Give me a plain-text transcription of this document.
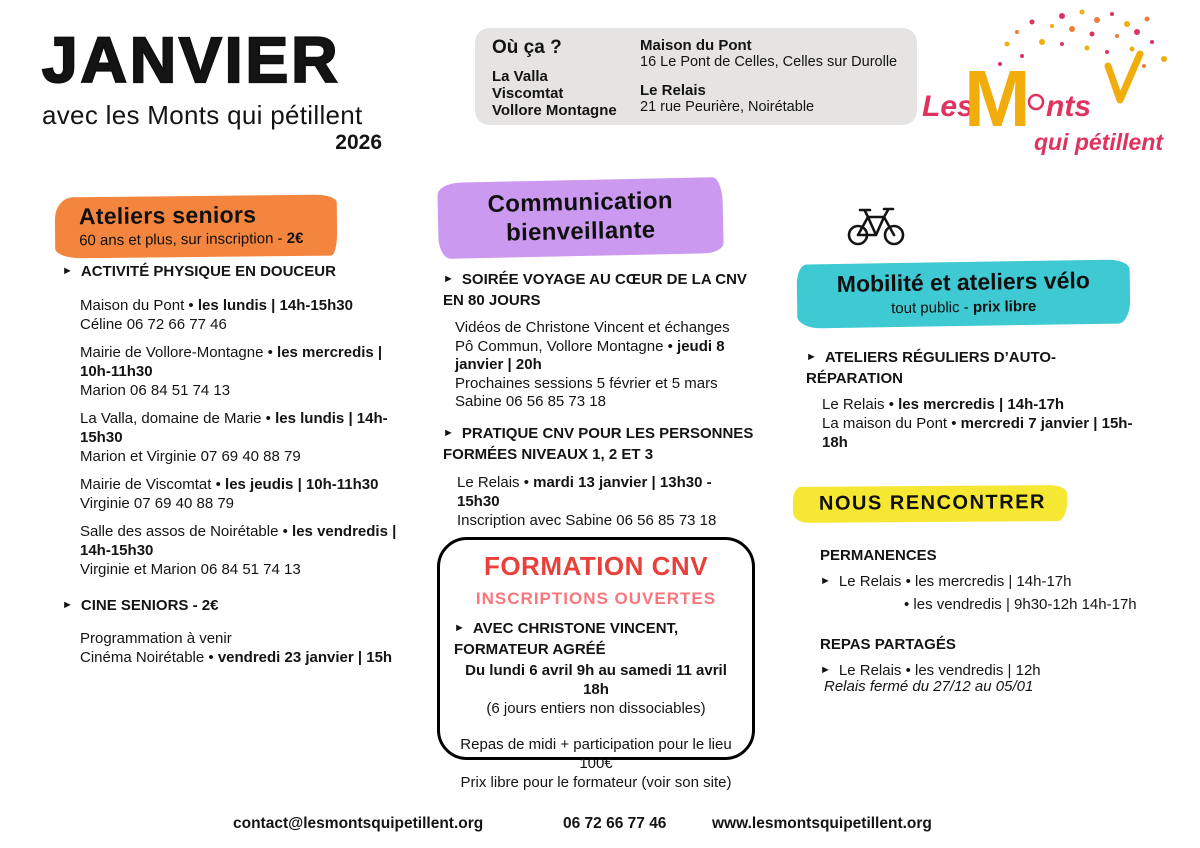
JANVIER
avec les Monts qui pétillent
2026
Où ça ?
La Valla
Viscomtat
Vollore Montagne
Maison du Pont
16 Le Pont de Celles, Celles sur Durolle
Le Relais
21 rue Peurière, Noirétable	Les
M nts
qui pétillent
Ateliers seniors

60 ans et plus, sur inscription - 2€

► ACTIVITÉ PHYSIQUE EN DOUCEUR

Maison du Pont • les lundis | 14h-15h30

Céline 06 72 66 77 46

Mairie de Vollore-Montagne • les mercredis | 10h-11h30

Marion 06 84 51 74 13

La Valla, domaine de Marie • les lundis | 14h-15h30

Marion et Virginie 07 69 40 88 79

Mairie de Viscomtat • les jeudis | 10h-11h30

Virginie 07 69 40 88 79

Salle des assos de Noirétable • les vendredis | 14h-15h30

Virginie et Marion 06 84 51 74 13

► CINE SENIORS - 2€

Programmation à venir

Cinéma Noirétable • vendredi 23 janvier | 15h

Communication
bienveillante
► SOIRÉE VOYAGE AU CŒUR DE LA CNV EN 80 JOURS

Vidéos de Christone Vincent et échanges

Pô Commun, Vollore Montagne • jeudi 8 janvier | 20h

Prochaines sessions 5 février et 5 mars

Sabine 06 56 85 73 18

► PRATIQUE CNV POUR LES PERSONNES FORMÉES NIVEAUX 1, 2 ET 3

Le Relais • mardi 13 janvier | 13h30 - 15h30

Inscription avec Sabine 06 56 85 73 18

FORMATION CNV
INSCRIPTIONS OUVERTES
► AVEC CHRISTONE VINCENT, FORMATEUR AGRÉÉ
Du lundi 6 avril 9h au samedi 11 avril 18h
(6 jours entiers non dissociables)
Repas de midi + participation pour le lieu 100€
Prix libre pour le formateur (voir son site)
Mobilité et ateliers vélo

tout public - prix libre

► ATELIERS RÉGULIERS D’AUTO-RÉPARATION

Le Relais • les mercredis | 14h-17h

La maison du Pont • mercredi 7 janvier | 15h-18h

NOUS RENCONTRER
PERMANENCES

► Le Relais • les mercredis | 14h-17h

• les vendredis | 9h30-12h 14h-17h

REPAS PARTAGÉS

► Le Relais • les vendredis | 12h

Relais fermé du 27/12 au 05/01
contact@lesmontsquipetillent.org	06 72 66 77 46	www.lesmontsquipetillent.org
